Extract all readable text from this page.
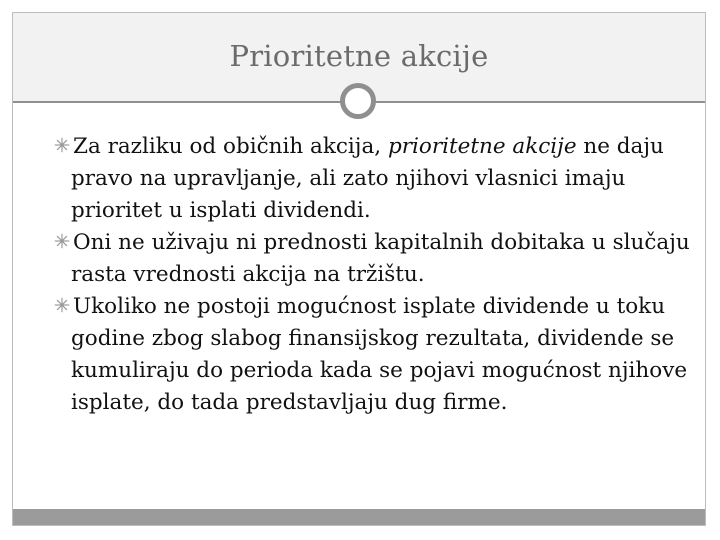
Prioritetne akcije
Za razliku od običnih akcija, prioritetne akcije ne daju pravo na upravljanje, ali zato njihovi vlasnici imaju prioritet u isplati dividendi.
Oni ne uživaju ni prednosti kapitalnih dobitaka u slučaju rasta vrednosti akcija na tržištu.
Ukoliko ne postoji mogućnost isplate dividende u toku godine zbog slabog finansijskog rezultata, dividende se kumuliraju do perioda kada se pojavi mogućnost njihove isplate, do tada predstavljaju dug firme.
